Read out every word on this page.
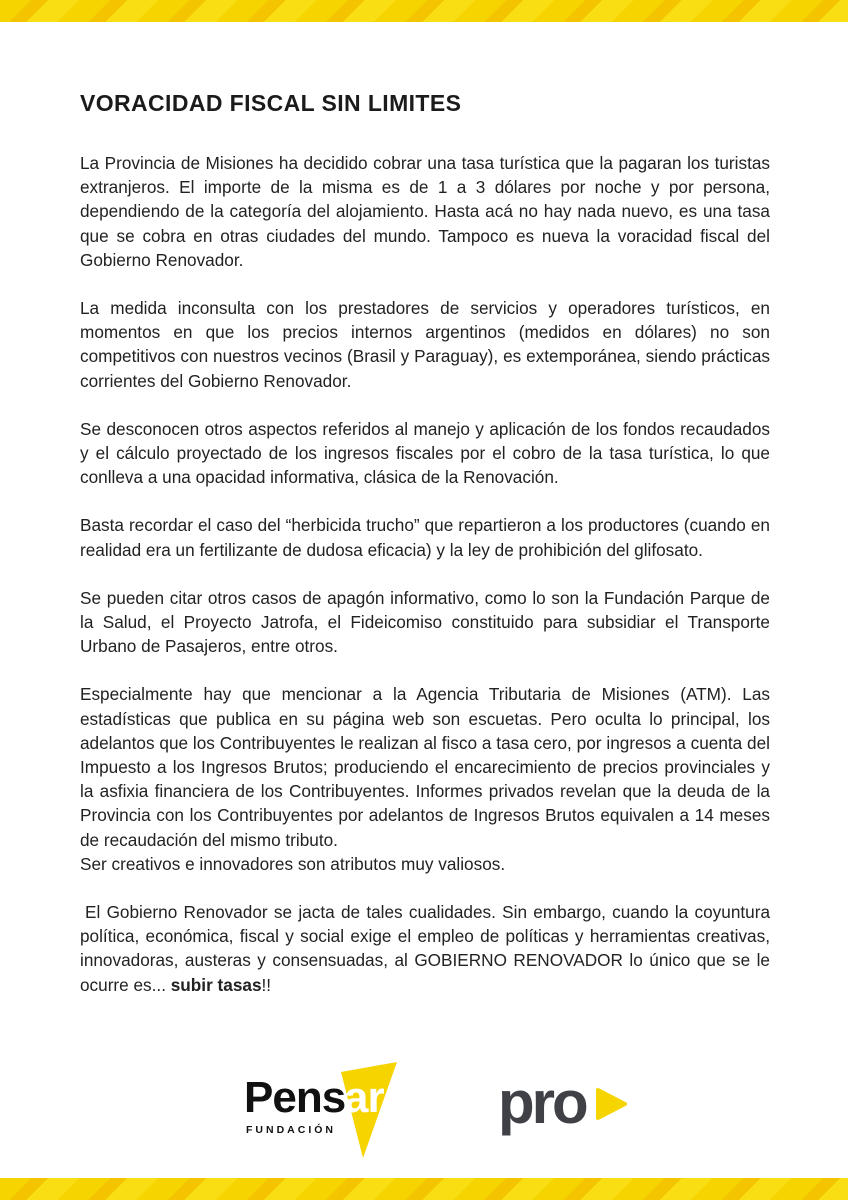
VORACIDAD FISCAL SIN LIMITES

La Provincia de Misiones ha decidido cobrar una tasa turística que la pagaran los turistas extranjeros. El importe de la misma es de 1 a 3 dólares por noche y por persona, dependiendo de la categoría del alojamiento. Hasta acá no hay nada nuevo, es una tasa que se cobra en otras ciudades del mundo. Tampoco es nueva la voracidad fiscal del Gobierno Renovador.

La medida inconsulta con los prestadores de servicios y operadores turísticos, en momentos en que los precios internos argentinos (medidos en dólares) no son competitivos con nuestros vecinos (Brasil y Paraguay), es extemporánea, siendo prácticas corrientes del Gobierno Renovador.

Se desconocen otros aspectos referidos al manejo y aplicación de los fondos recaudados y el cálculo proyectado de los ingresos fiscales por el cobro de la tasa turística, lo que conlleva a una opacidad informativa, clásica de la Renovación.

Basta recordar el caso del “herbicida trucho” que repartieron a los productores (cuando en realidad era un fertilizante de dudosa eficacia) y la ley de prohibición del glifosato.

Se pueden citar otros casos de apagón informativo, como lo son la Fundación Parque de la Salud, el Proyecto Jatrofa, el Fideicomiso constituido para subsidiar el Transporte Urbano de Pasajeros, entre otros.

Especialmente hay que mencionar a la Agencia Tributaria de Misiones (ATM). Las estadísticas que publica en su página web son escuetas. Pero oculta lo principal, los adelantos que los Contribuyentes le realizan al fisco a tasa cero, por ingresos a cuenta del Impuesto a los Ingresos Brutos; produciendo el encarecimiento de precios provinciales y la asfixia financiera de los Contribuyentes. Informes privados revelan que la deuda de la Provincia con los Contribuyentes por adelantos de Ingresos Brutos equivalen a 14 meses de recaudación del mismo tributo.

Ser creativos e innovadores son atributos muy valiosos.

El Gobierno Renovador se jacta de tales cualidades. Sin embargo, cuando la coyuntura política, económica, fiscal y social exige el empleo de políticas y herramientas creativas, innovadoras, austeras y consensuadas, al GOBIERNO RENOVADOR lo único que se le ocurre es... subir tasas!!

Pens
ar
FUNDACIÓN	pro
